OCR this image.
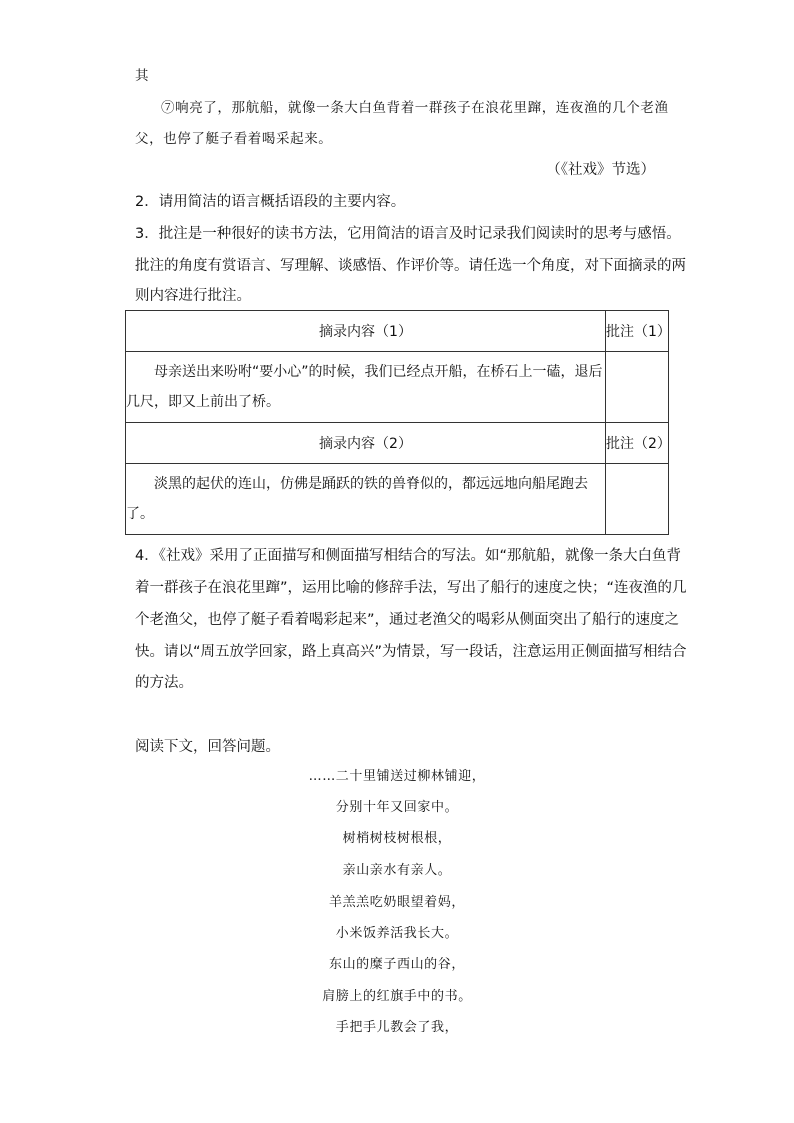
其
⑦响亮了，那航船，就像一条大白鱼背着一群孩子在浪花里蹿，连夜渔的几个老渔
父，也停了艇子看着喝采起来。
（《社戏》节选）
2．请用简洁的语言概括语段的主要内容。
3．批注是一种很好的读书方法，它用简洁的语言及时记录我们阅读时的思考与感悟。
批注的角度有赏语言、写理解、谈感悟、作评价等。请任选一个角度，对下面摘录的两
则内容进行批注。
摘录内容（1）	批注（1）

母亲送出来吩咐“要小心”的时候，我们已经点开船，在桥石上一磕，退后几尺，即又上前出了桥。	

摘录内容（2）	批注（2）

淡黑的起伏的连山，仿佛是踊跃的铁的兽脊似的，都远远地向船尾跑去了。	

4．《社戏》采用了正面描写和侧面描写相结合的写法。如“那航船，就像一条大白鱼背
着一群孩子在浪花里蹿”，运用比喻的修辞手法，写出了船行的速度之快；“连夜渔的几
个老渔父，也停了艇子看着喝彩起来”，通过老渔父的喝彩从侧面突出了船行的速度之
快。请以“周五放学回家，路上真高兴”为情景，写一段话，注意运用正侧面描写相结合
的方法。
阅读下文，回答问题。
……二十里铺送过柳林铺迎，
分别十年又回家中。
树梢树枝树根根，
亲山亲水有亲人。
羊羔羔吃奶眼望着妈，
小米饭养活我长大。
东山的糜子西山的谷，
肩膀上的红旗手中的书。
手把手儿教会了我，
